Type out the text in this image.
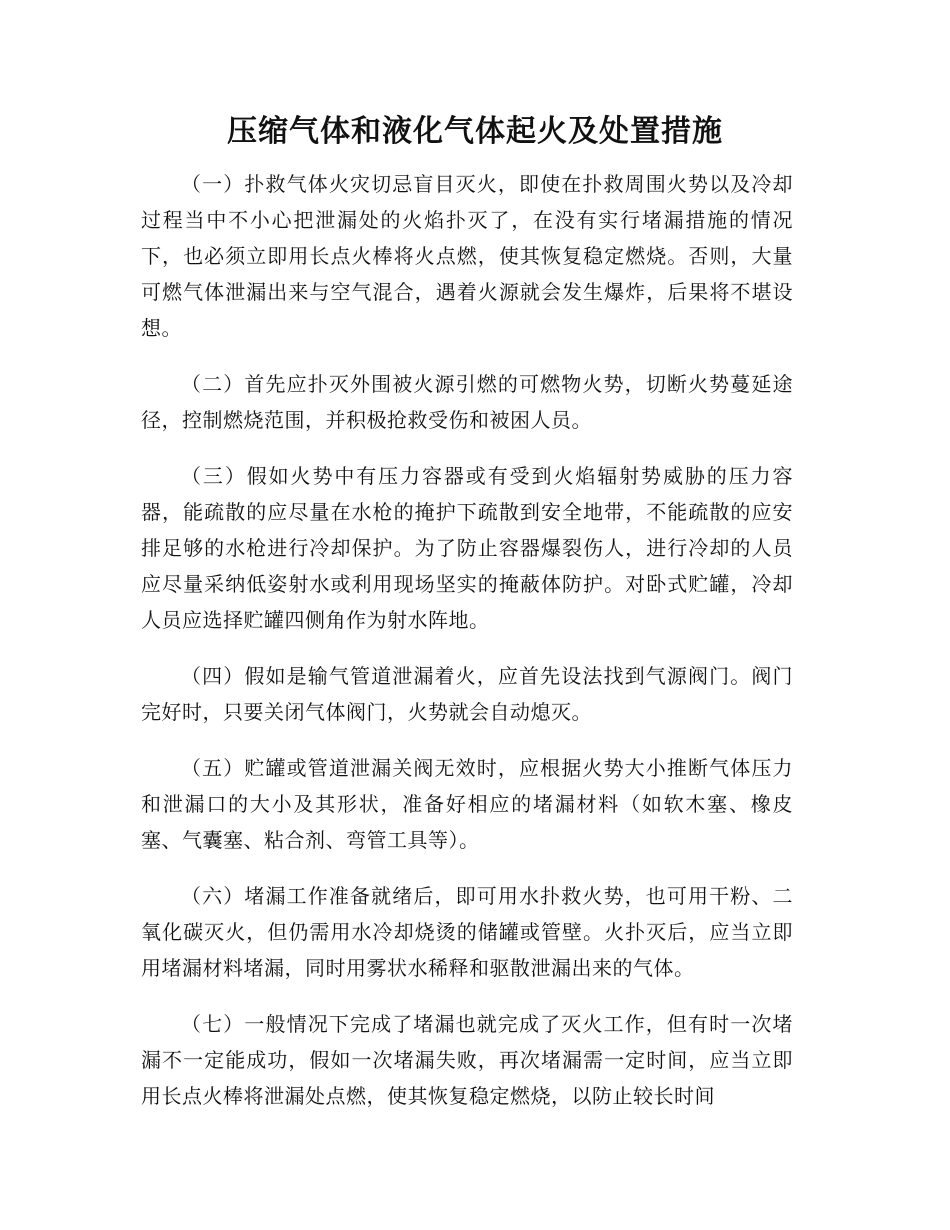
压缩气体和液化气体起火及处置措施

（一）扑救气体火灾切忌盲目灭火，即使在扑救周围火势以及冷却过程当中不小心把泄漏处的火焰扑灭了，在没有实行堵漏措施的情况下，也必须立即用长点火棒将火点燃，使其恢复稳定燃烧。否则，大量可燃气体泄漏出来与空气混合，遇着火源就会发生爆炸，后果将不堪设想。

（二）首先应扑灭外围被火源引燃的可燃物火势，切断火势蔓延途径，控制燃烧范围，并积极抢救受伤和被困人员。

（三）假如火势中有压力容器或有受到火焰辐射势威胁的压力容器，能疏散的应尽量在水枪的掩护下疏散到安全地带，不能疏散的应安排足够的水枪进行冷却保护。为了防止容器爆裂伤人，进行冷却的人员应尽量采纳低姿射水或利用现场坚实的掩蔽体防护。对卧式贮罐，冷却人员应选择贮罐四侧角作为射水阵地。

（四）假如是输气管道泄漏着火，应首先设法找到气源阀门。阀门完好时，只要关闭气体阀门，火势就会自动熄灭。

（五）贮罐或管道泄漏关阀无效时，应根据火势大小推断气体压力和泄漏口的大小及其形状，准备好相应的堵漏材料（如软木塞、橡皮塞、气囊塞、粘合剂、弯管工具等）。

（六）堵漏工作准备就绪后，即可用水扑救火势，也可用干粉、二氧化碳灭火，但仍需用水冷却烧烫的储罐或管壁。火扑灭后，应当立即用堵漏材料堵漏，同时用雾状水稀释和驱散泄漏出来的气体。

（七）一般情况下完成了堵漏也就完成了灭火工作，但有时一次堵漏不一定能成功，假如一次堵漏失败，再次堵漏需一定时间，应当立即用长点火棒将泄漏处点燃，使其恢复稳定燃烧，以防止较长时间
